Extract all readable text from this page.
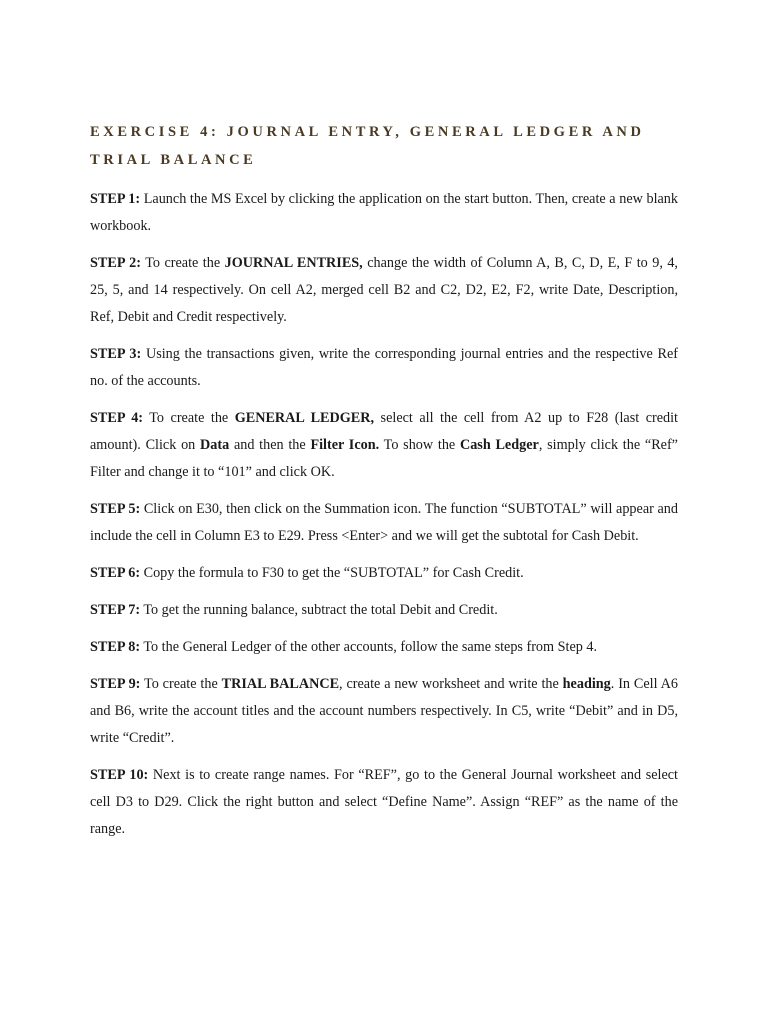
EXERCISE 4: JOURNAL ENTRY, GENERAL LEDGER AND TRIAL BALANCE

STEP 1: Launch the MS Excel by clicking the application on the start button. Then, create a new blank workbook.

STEP 2: To create the JOURNAL ENTRIES, change the width of Column A, B, C, D, E, F to 9, 4, 25, 5, and 14 respectively. On cell A2, merged cell B2 and C2, D2, E2, F2, write Date, Description, Ref, Debit and Credit respectively.

STEP 3: Using the transactions given, write the corresponding journal entries and the respective Ref no. of the accounts.

STEP 4: To create the GENERAL LEDGER, select all the cell from A2 up to F28 (last credit amount). Click on Data and then the Filter Icon. To show the Cash Ledger, simply click the “Ref” Filter and change it to “101” and click OK.

STEP 5: Click on E30, then click on the Summation icon. The function “SUBTOTAL” will appear and include the cell in Column E3 to E29. Press <Enter> and we will get the subtotal for Cash Debit.

STEP 6: Copy the formula to F30 to get the “SUBTOTAL” for Cash Credit.

STEP 7: To get the running balance, subtract the total Debit and Credit.

STEP 8: To the General Ledger of the other accounts, follow the same steps from Step 4.

STEP 9: To create the TRIAL BALANCE, create a new worksheet and write the heading. In Cell A6 and B6, write the account titles and the account numbers respectively. In C5, write “Debit” and in D5, write “Credit”.

STEP 10: Next is to create range names. For “REF”, go to the General Journal worksheet and select cell D3 to D29. Click the right button and select “Define Name”. Assign “REF” as the name of the range.
